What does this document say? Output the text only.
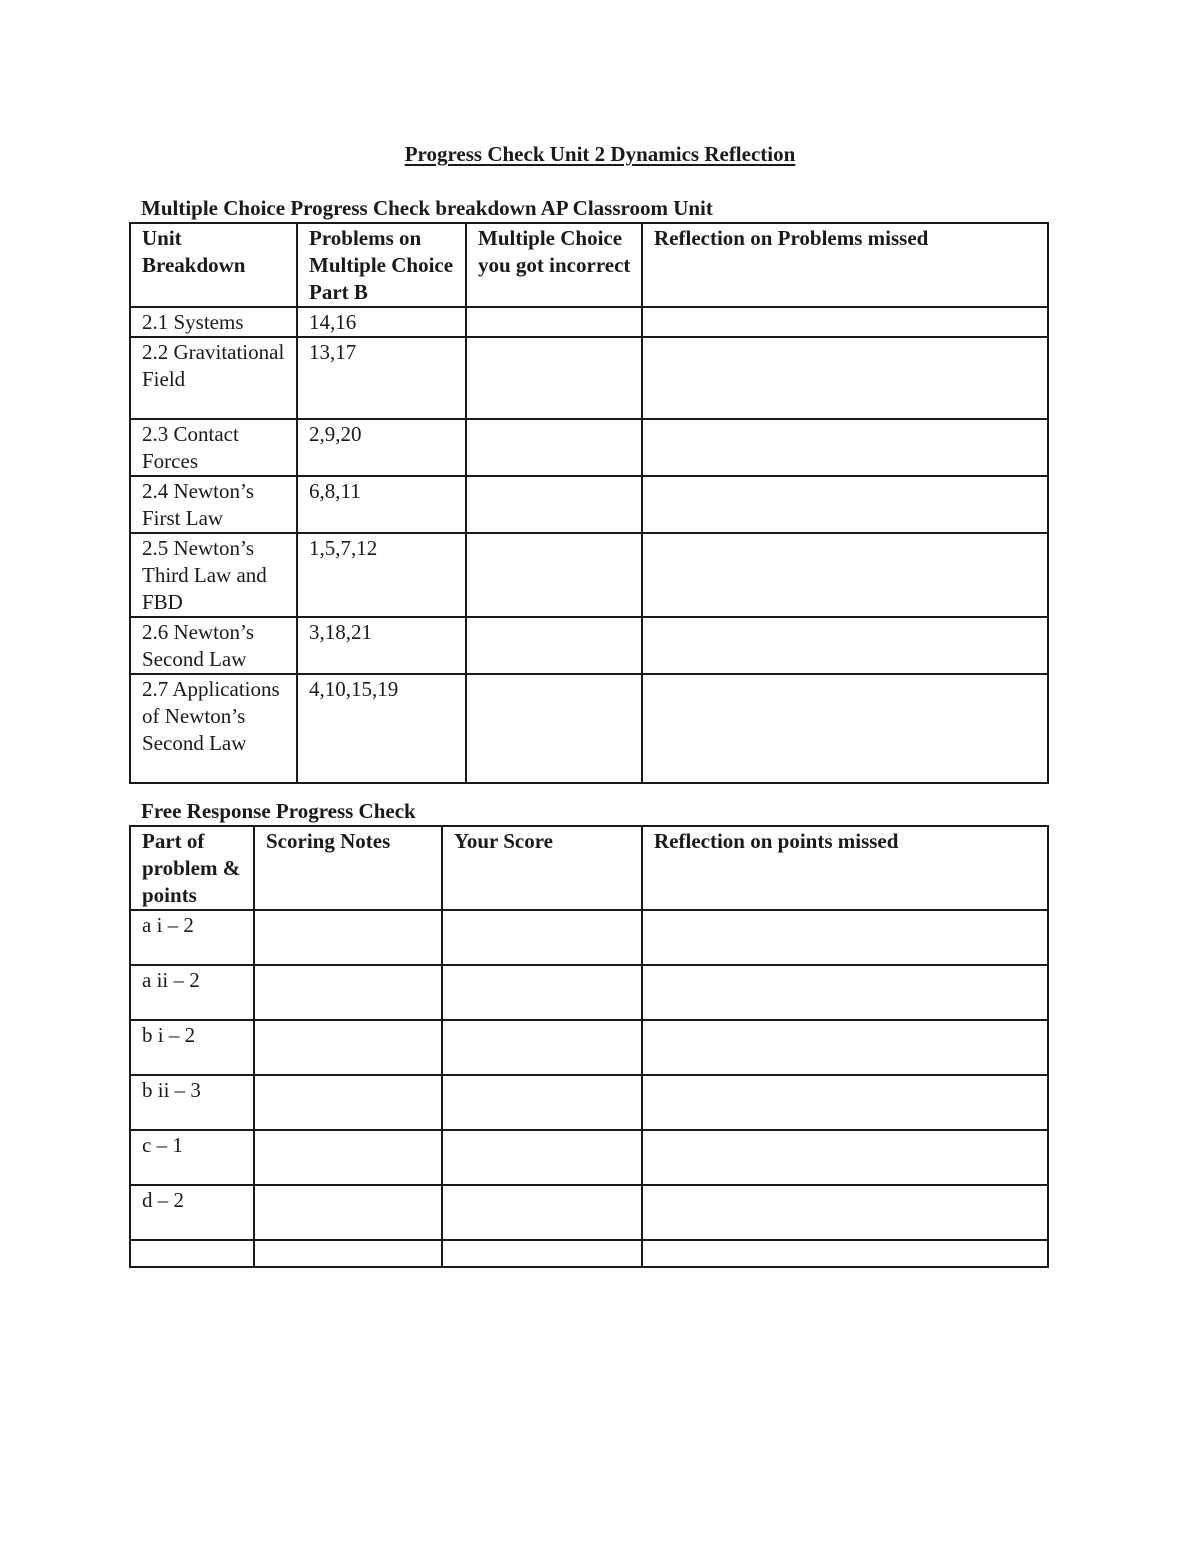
Progress Check Unit 2 Dynamics Reflection
Multiple Choice Progress Check breakdown AP Classroom Unit
Unit Breakdown	Problems on Multiple Choice Part B	Multiple Choice you got incorrect	Reflection on Problems missed
2.1 Systems	14,16		
2.2 Gravitational Field	13,17		
2.3 Contact Forces	2,9,20		
2.4 Newton’s First Law	6,8,11		
2.5 Newton’s Third Law and FBD	1,5,7,12		
2.6 Newton’s Second Law	3,18,21		
2.7 Applications of Newton’s Second Law	4,10,15,19		
Free Response Progress Check
Part of problem & points	Scoring Notes	Your Score	Reflection on points missed
a i – 2			
a ii – 2			
b i – 2			
b ii – 3			
c – 1			
d – 2			
